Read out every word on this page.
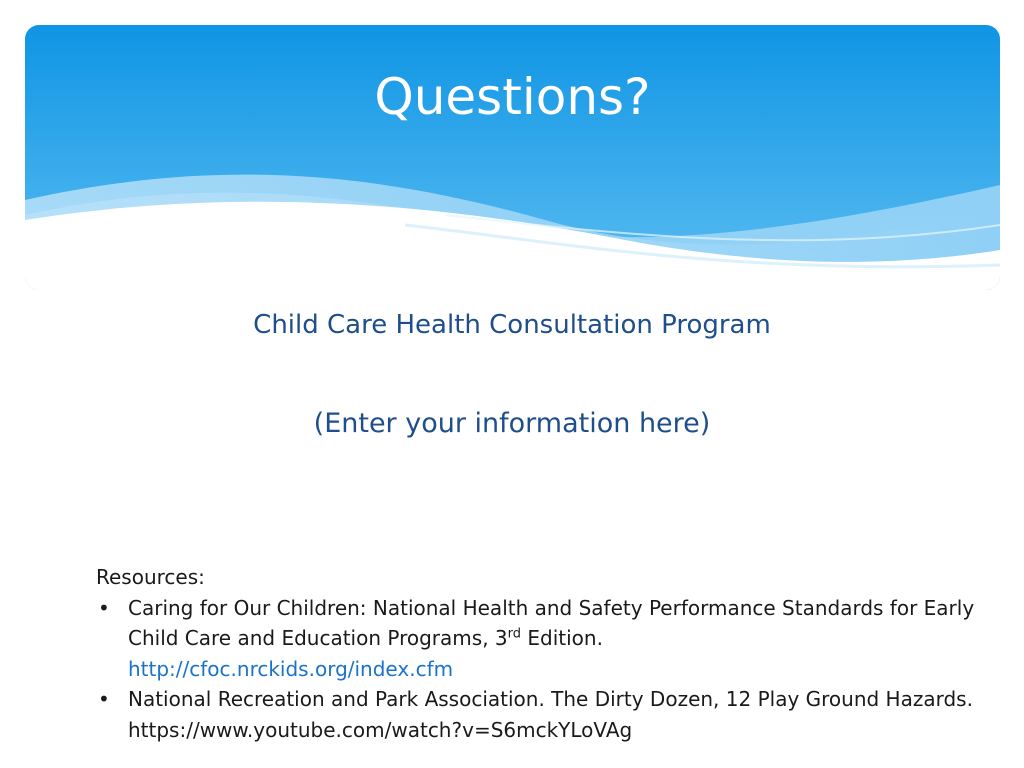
Questions?
Child Care Health Consultation Program
(Enter your information here)
Resources:
• Caring for Our Children: National Health and Safety Performance Standards for Early Child Care and Education Programs, 3rd Edition.
http://cfoc.nrckids.org/index.cfm
• National Recreation and Park Association. The Dirty Dozen, 12 Play Ground Hazards. https://www.youtube.com/watch?v=S6mckYLoVAg
